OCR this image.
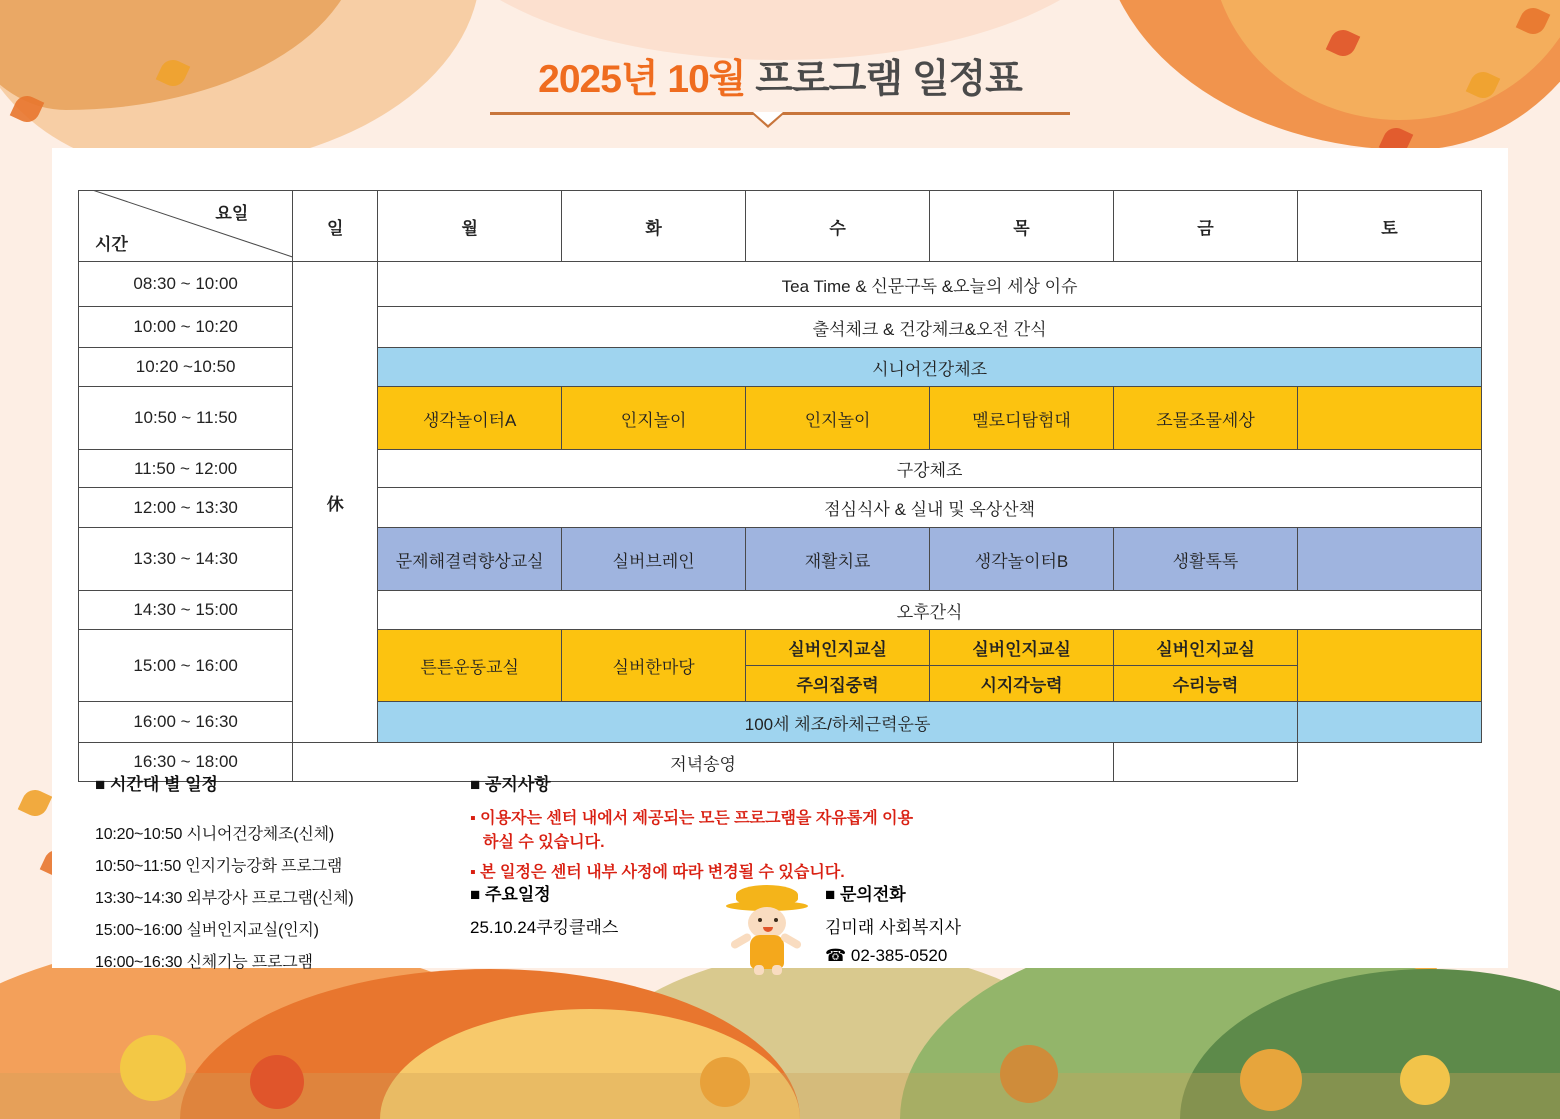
2025년 10월 프로그램 일정표
요일
시간	일	월	화	수	목	금	토
08:30 ~ 10:00	休	Tea Time & 신문구독 &오늘의 세상 이슈					
10:00 ~ 10:20		출석체크 & 건강체크&오전 간식					
10:20 ~10:50		시니어건강체조					
10:50 ~ 11:50		생각놀이터A	인지놀이	인지놀이	멜로디탐험대	조물조물세상	
11:50 ~ 12:00		구강체조					
12:00 ~ 13:30		점심식사 & 실내 및 옥상산책					
13:30 ~ 14:30		문제해결력향상교실	실버브레인	재활치료	생각놀이터B	생활톡톡	
14:30 ~ 15:00		오후간식					
15:00 ~ 16:00		튼튼운동교실	실버한마당	실버인지교실	실버인지교실	실버인지교실	
				주의집중력	시지각능력	수리능력	
16:00 ~ 16:30		100세 체조/하체근력운동					
16:30 ~ 18:00	저녁송영						
■ 시간대 별 일정
10:20~10:50 시니어건강체조(신체)
10:50~11:50 인지기능강화 프로그램
13:30~14:30 외부강사 프로그램(신체)
15:00~16:00 실버인지교실(인지)
16:00~16:30 신체기능 프로그램
■ 공지사항
▪ 이용자는 센터 내에서 제공되는 모든 프로그램을 자유롭게 이용
하실 수 있습니다.
▪ 본 일정은 센터 내부 사정에 따라 변경될 수 있습니다.
■ 주요일정
25.10.24쿠킹클래스
■ 문의전화
김미래 사회복지사
☎ 02-385-0520
